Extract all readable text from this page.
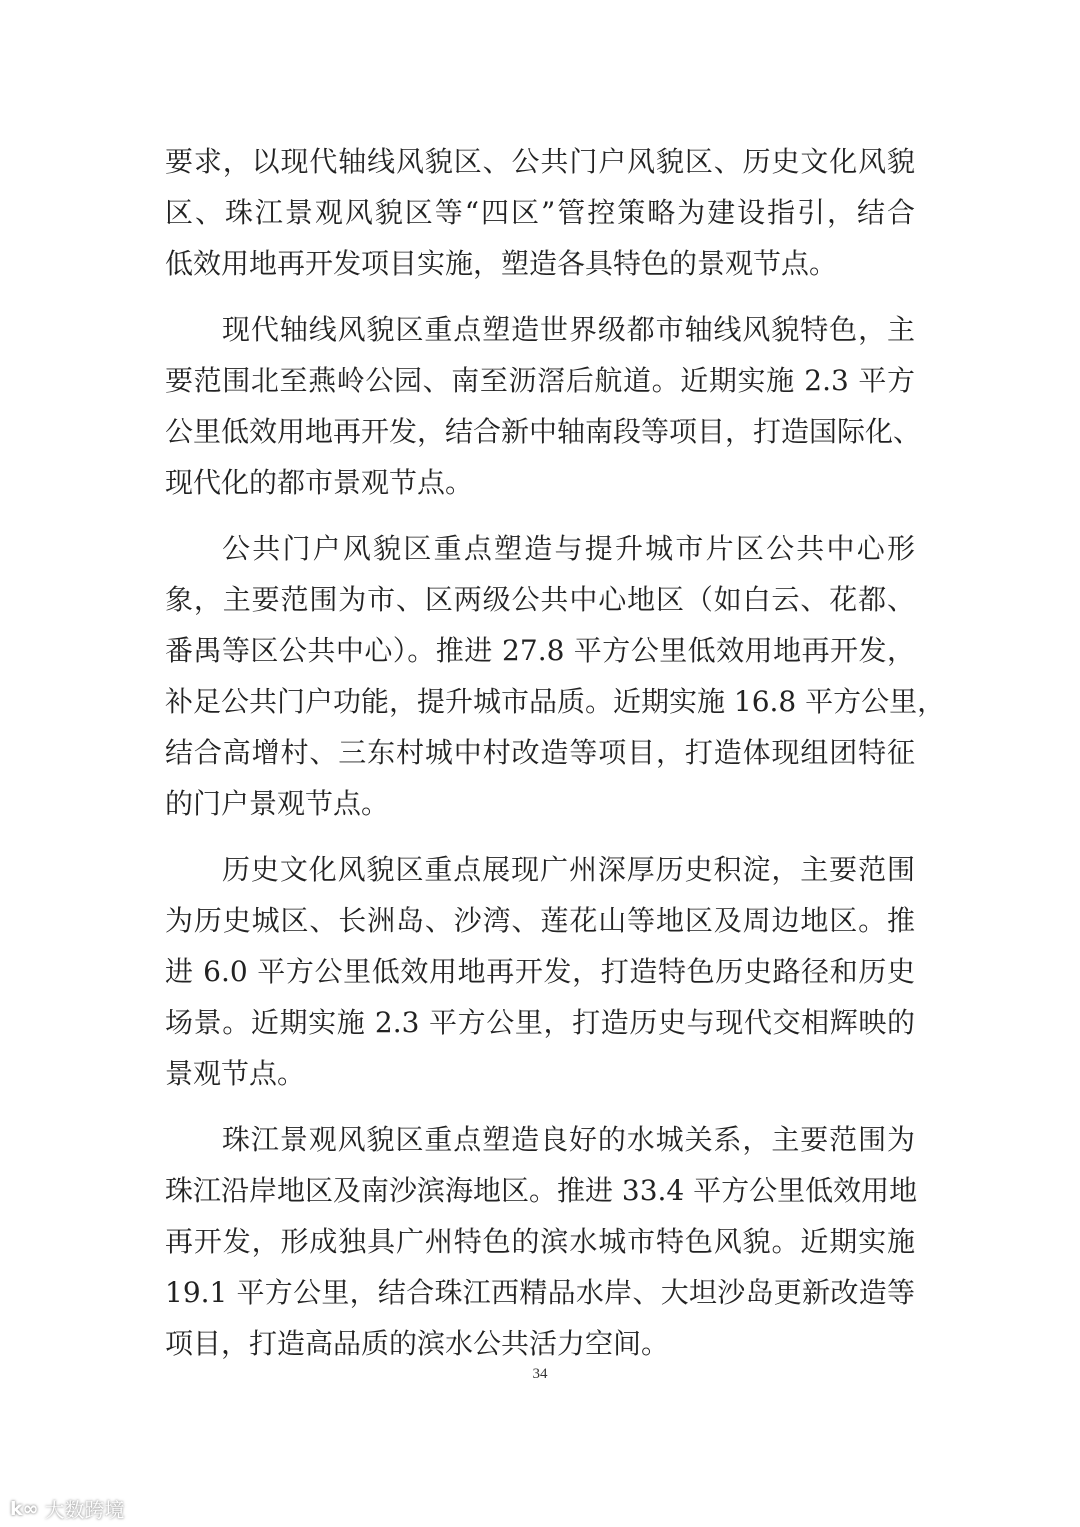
要求，以现代轴线风貌区、公共门户风貌区、历史文化风貌
区、珠江景观风貌区等“四区”管控策略为建设指引，结合
低效用地再开发项目实施，塑造各具特色的景观节点。
现代轴线风貌区重点塑造世界级都市轴线风貌特色，主
要范围北至燕岭公园、南至沥滘后航道。近期实施 2.3 平方
公里低效用地再开发，结合新中轴南段等项目，打造国际化、
现代化的都市景观节点。
公共门户风貌区重点塑造与提升城市片区公共中心形
象，主要范围为市、区两级公共中心地区（如白云、花都、
番禺等区公共中心）。推进 27.8 平方公里低效用地再开发，
补足公共门户功能，提升城市品质。近期实施 16.8 平方公里，
结合高增村、三东村城中村改造等项目，打造体现组团特征
的门户景观节点。
历史文化风貌区重点展现广州深厚历史积淀，主要范围
为历史城区、长洲岛、沙湾、莲花山等地区及周边地区。推
进 6.0 平方公里低效用地再开发，打造特色历史路径和历史
场景。近期实施 2.3 平方公里，打造历史与现代交相辉映的
景观节点。
珠江景观风貌区重点塑造良好的水城关系，主要范围为
珠江沿岸地区及南沙滨海地区。推进 33.4 平方公里低效用地
再开发，形成独具广州特色的滨水城市特色风貌。近期实施
19.1 平方公里，结合珠江西精品水岸、大坦沙岛更新改造等
项目，打造高品质的滨水公共活力空间。
34
k∞ 大数跨境
